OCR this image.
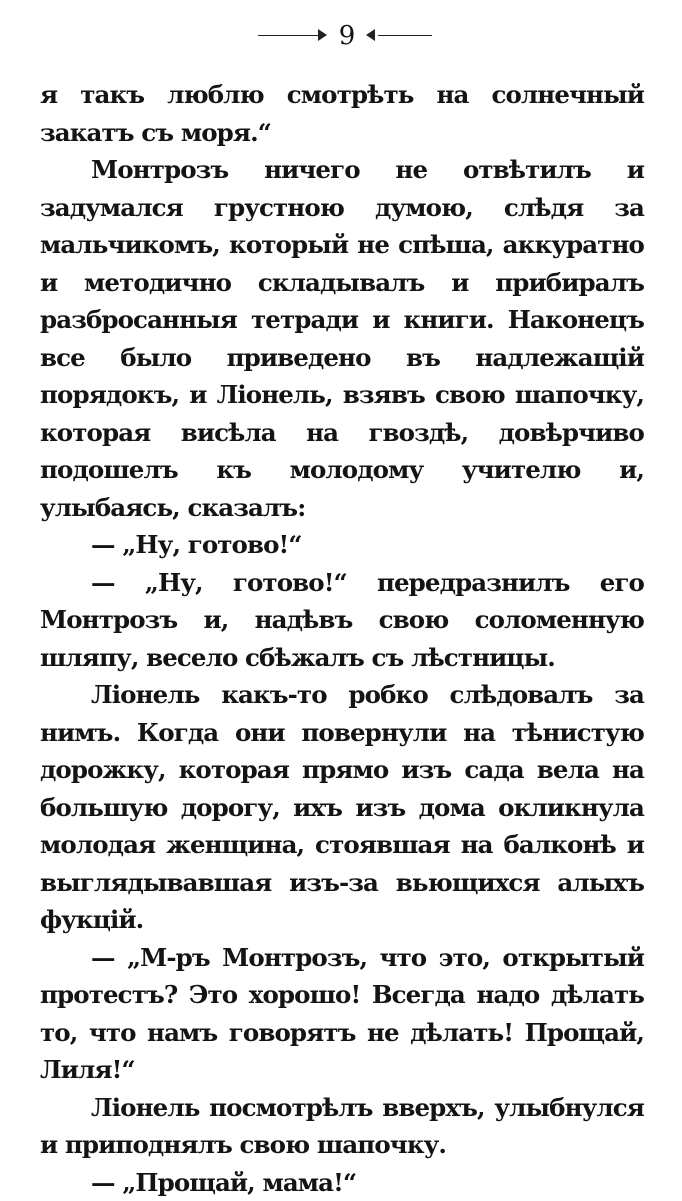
9

я такъ люблю смотрѣть на солнечный закатъ съ моря.“

Монтрозъ ничего не отвѣтилъ и задумался грустною думою, слѣдя за мальчикомъ, который не спѣша, аккуратно и методично складывалъ и прибиралъ разбросанныя тетради и книги. Наконецъ все было приведено въ надлежащій порядокъ, и Ліонель, взявъ свою шапочку, которая висѣла на гвоздѣ, довѣрчиво подошелъ къ молодому учителю и, улыбаясь, сказалъ:

— „Ну, готово!“

— „Ну, готово!“ передразнилъ его Монтрозъ и, надѣвъ свою соломенную шляпу, весело сбѣжалъ съ лѣстницы.

Ліонель какъ-то робко слѣдовалъ за нимъ. Когда они повернули на тѣнистую дорожку, которая прямо изъ сада вела на большую дорогу, ихъ изъ дома окликнула молодая женщина, стоявшая на балконѣ и выглядывавшая изъ-за вьющихся алыхъ фукцій.

— „М-ръ Монтрозъ, что это, открытый протестъ? Это хорошо! Всегда надо дѣлать то, что намъ говорятъ не дѣлать! Прощай, Лиля!“

Ліонель посмотрѣлъ вверхъ, улыбнулся и приподнялъ свою шапочку.

— „Прощай, мама!“
